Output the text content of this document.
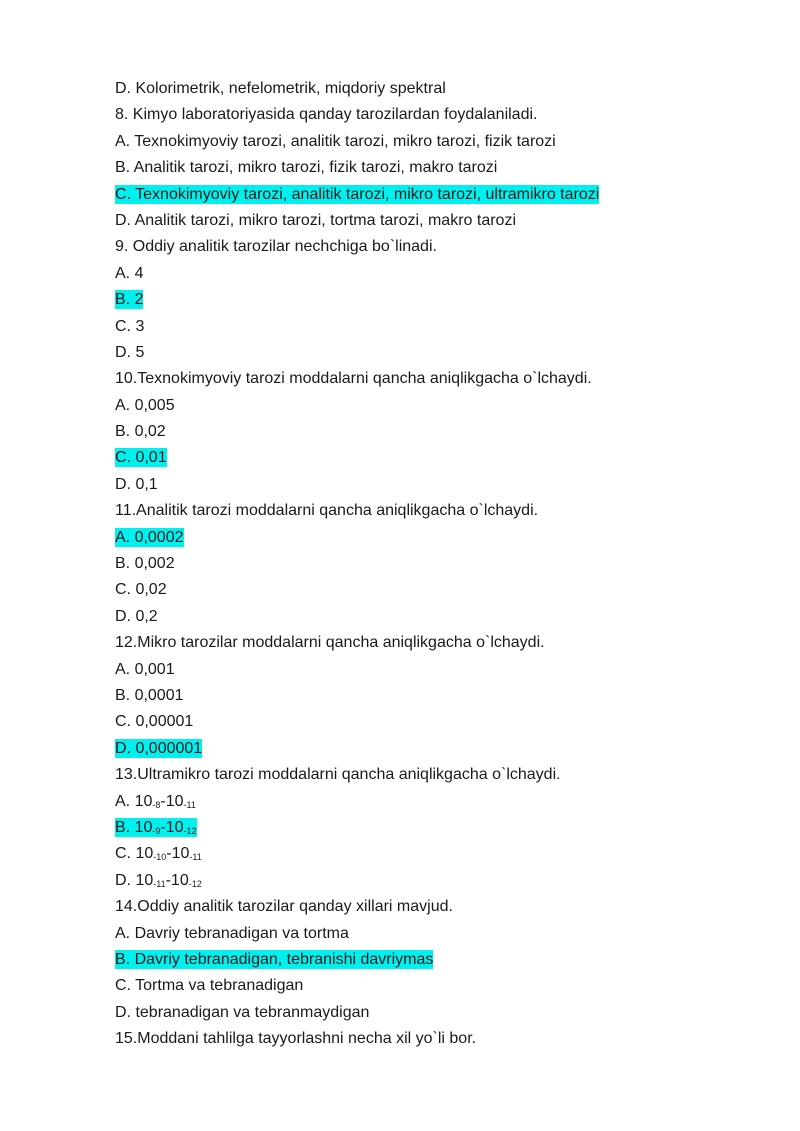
D. Kolorimetrik, nefelometrik, miqdoriy spektral
8. Kimyo laboratoriyasida qanday tarozilardan foydalaniladi.
A. Texnokimyoviy tarozi, analitik tarozi, mikro tarozi, fizik tarozi
B. Analitik tarozi, mikro tarozi, fizik tarozi, makro tarozi
C. Texnokimyoviy tarozi, analitik tarozi, mikro tarozi, ultramikro tarozi
D. Analitik tarozi, mikro tarozi, tortma tarozi, makro tarozi
9. Oddiy analitik tarozilar nechchiga bo`linadi.
A. 4
B. 2
C. 3
D. 5
10.Texnokimyoviy tarozi moddalarni qancha aniqlikgacha o`lchaydi.
A. 0,005
B. 0,02
C. 0,01
D. 0,1
11.Analitik tarozi moddalarni qancha aniqlikgacha o`lchaydi.
A. 0,0002
B. 0,002
C. 0,02
D. 0,2
12.Mikro tarozilar moddalarni qancha aniqlikgacha o`lchaydi.
A. 0,001
B. 0,0001
C. 0,00001
D. 0,000001
13.Ultramikro tarozi moddalarni qancha aniqlikgacha o`lchaydi.
A. $10_{-8}-10_{-11}$
B. $10_{-9}-10_{-12}$
C. $10_{-10}-10_{-11}$
D. $10_{-11}-10_{-12}$
14.Oddiy analitik tarozilar qanday xillari mavjud.
A. Davriy tebranadigan va tortma
B. Davriy tebranadigan, tebranishi davriymas
C. Tortma va tebranadigan
D. tebranadigan va tebranmaydigan
15.Moddani tahlilga tayyorlashni necha xil yo`li bor.
